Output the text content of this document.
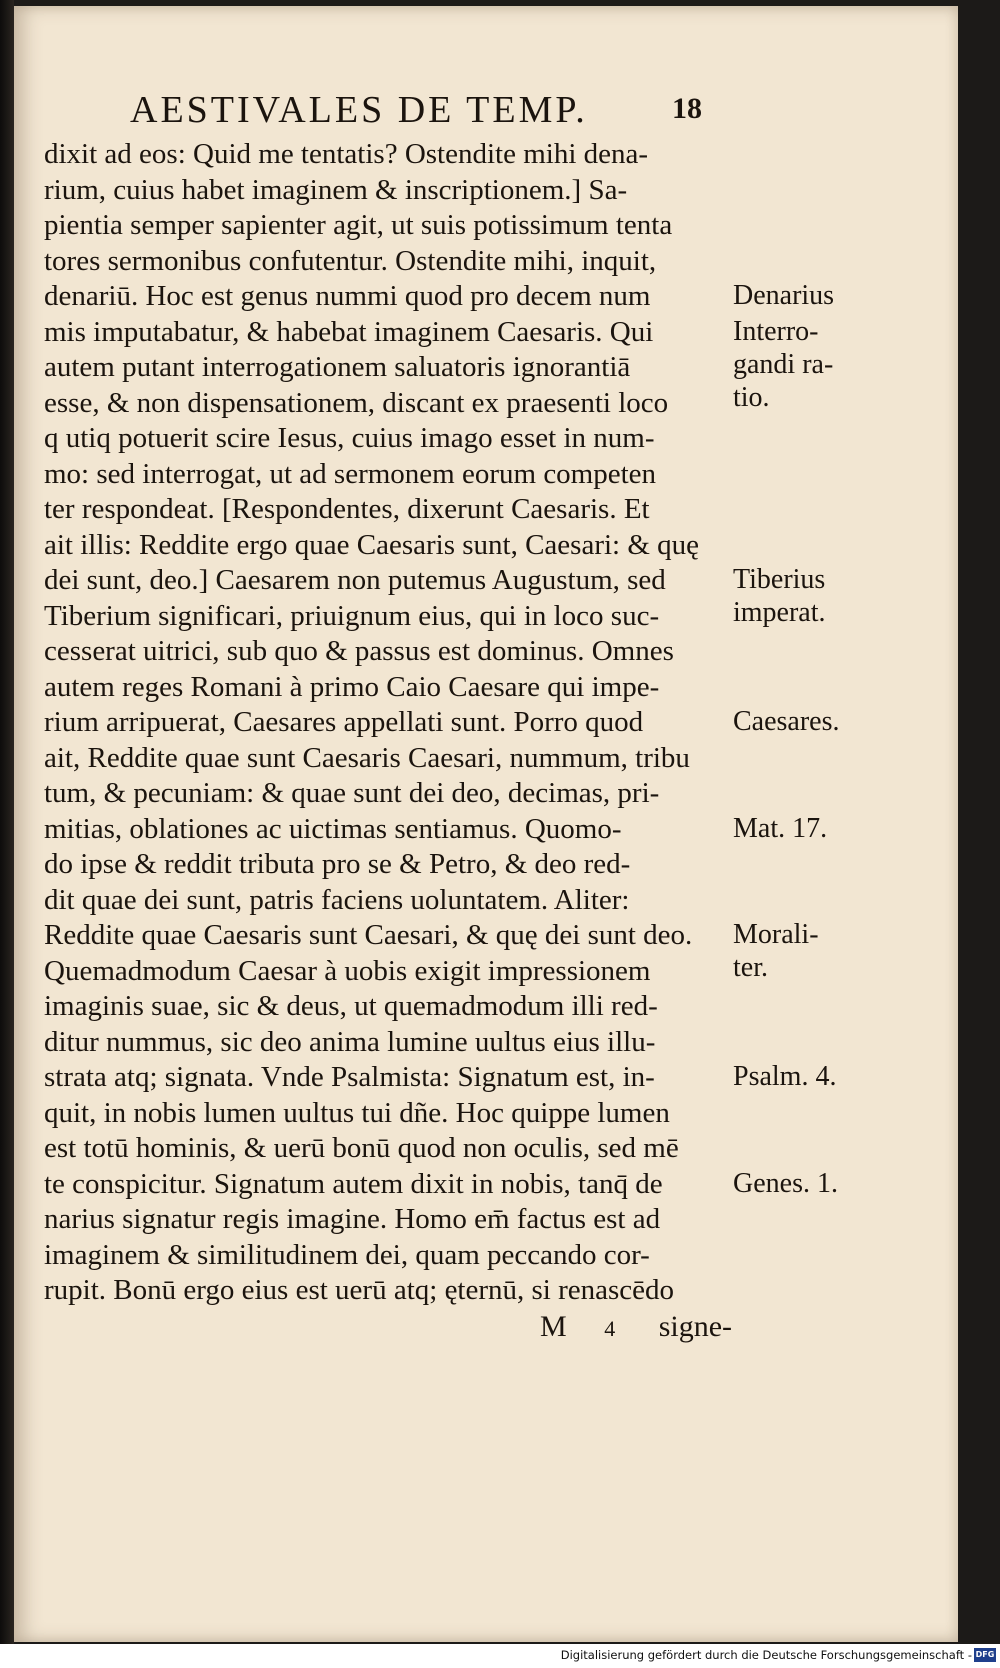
AESTIVALES DE TEMP.	18
dixit ad eos: Quid me tentatis? Ostendite mihi dena-
rium, cuius habet imaginem & inscriptionem.] Sa-
pientia semper sapienter agit, ut suis potissimum tenta
tores sermonibus confutentur. Ostendite mihi, inquit,
denariū. Hoc est genus nummi quod pro decem num
mis imputabatur, & habebat imaginem Caesaris. Qui
autem putant interrogationem saluatoris ignorantiā
esse, & non dispensationem, discant ex praesenti loco
q utiq potuerit scire Iesus, cuius imago esset in num-
mo: sed interrogat, ut ad sermonem eorum competen
ter respondeat. [Respondentes, dixerunt Caesaris. Et
ait illis: Reddite ergo quae Caesaris sunt, Caesari: & quę
dei sunt, deo.] Caesarem non putemus Augustum, sed
Tiberium significari, priuignum eius, qui in loco suc-
cesserat uitrici, sub quo & passus est dominus. Omnes
autem reges Romani à primo Caio Caesare qui impe-
rium arripuerat, Caesares appellati sunt. Porro quod
ait, Reddite quae sunt Caesaris Caesari, nummum, tribu
tum, & pecuniam: & quae sunt dei deo, decimas, pri-
mitias, oblationes ac uictimas sentiamus. Quomo-
do ipse & reddit tributa pro se & Petro, & deo red-
dit quae dei sunt, patris faciens uoluntatem. Aliter:
Reddite quae Caesaris sunt Caesari, & quę dei sunt deo.
Quemadmodum Caesar à uobis exigit impressionem
imaginis suae, sic & deus, ut quemadmodum illi red-
ditur nummus, sic deo anima lumine uultus eius illu-
strata atq; signata. Vnde Psalmista: Signatum est, in-
quit, in nobis lumen uultus tui dñe. Hoc quippe lumen
est totū hominis, & uerū bonū quod non oculis, sed mē
te conspicitur. Signatum autem dixit in nobis, tanq̄ de
narius signatur regis imagine. Homo em̄ factus est ad
imaginem & similitudinem dei, quam peccando cor-
rupit. Bonū ergo eius est uerū atq; ęternū, si renascēdo
Denarius
Interro-
gandi ra-
tio.
Tiberius
imperat.
Caesares.
Mat. 17.
Morali-
ter.
Psalm. 4.
Genes. 1.
M 4 signe-
Digitalisierung gefördert durch die Deutsche Forschungsgemeinschaft - DFG
